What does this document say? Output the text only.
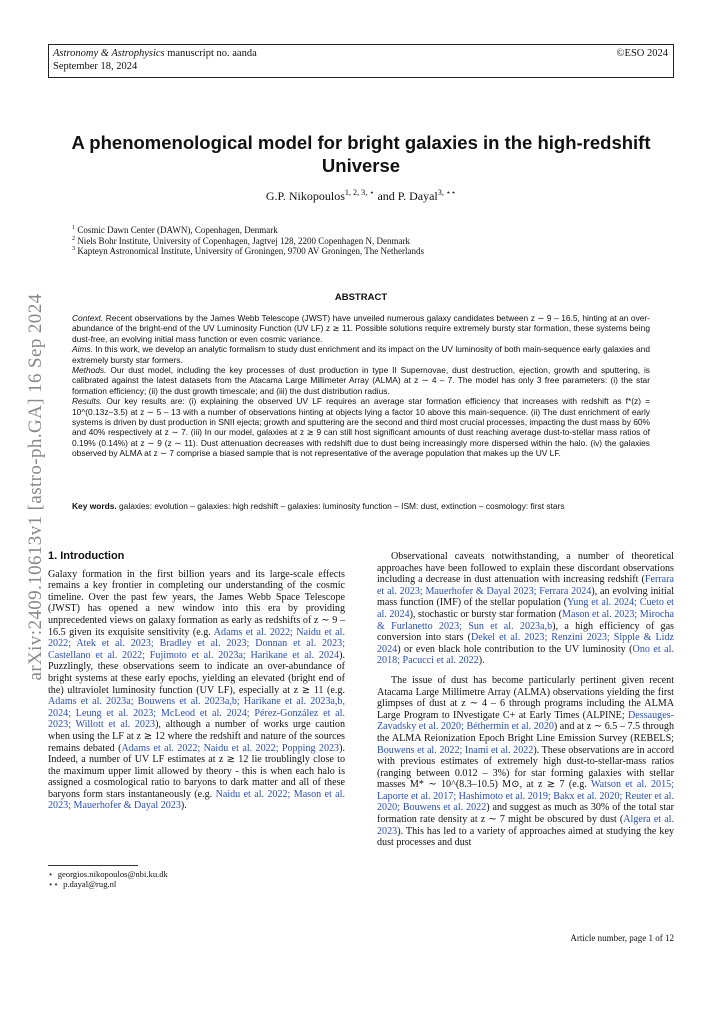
Astronomy & Astrophysics manuscript no. aanda
September 18, 2024
©ESO 2024
arXiv:2409.10613v1 [astro-ph.GA] 16 Sep 2024
A phenomenological model for bright galaxies in the high-redshift Universe
G.P. Nikopoulos$^{1, 2, 3, ⋆}$ and P. Dayal$^{3, ⋆⋆}$
$^1$ Cosmic Dawn Center (DAWN), Copenhagen, Denmark
$^2$ Niels Bohr Institute, University of Copenhagen, Jagtvej 128, 2200 Copenhagen N, Denmark
$^3$ Kapteyn Astronomical Institute, University of Groningen, 9700 AV Groningen, The Netherlands
ABSTRACT

Context. Recent observations by the James Webb Telescope (JWST) have unveiled numerous galaxy candidates between z ∼ 9 – 16.5, hinting at an over-abundance of the bright-end of the UV Luminosity Function (UV LF) z ≳ 11. Possible solutions require extremely bursty star formation, these systems being dust-free, an evolving initial mass function or even cosmic variance.

Aims. In this work, we develop an analytic formalism to study dust enrichment and its impact on the UV luminosity of both main-sequence early galaxies and extremely bursty star formers.

Methods. Our dust model, including the key processes of dust production in type II Supernovae, dust destruction, ejection, growth and sputtering, is calibrated against the latest datasets from the Atacama Large Millimeter Array (ALMA) at z ∼ 4 – 7. The model has only 3 free parameters: (i) the star formation efficiency; (ii) the dust growth timescale; and (iii) the dust distribution radius.

Results. Our key results are: (i) explaining the observed UV LF requires an average star formation efficiency that increases with redshift as f*(z) = 10^(0.13z−3.5) at z ∼ 5 – 13 with a number of observations hinting at objects lying a factor 10 above this main-sequence. (ii) The dust enrichment of early systems is driven by dust production in SNII ejecta; growth and sputtering are the second and third most crucial processes, impacting the dust mass by 60% and 40% respectively at z ∼ 7. (iii) In our model, galaxies at z ≳ 9 can still host significant amounts of dust reaching average dust-to-stellar mass ratios of 0.19% (0.14%) at z ∼ 9 (z ∼ 11). Dust attenuation decreases with redshift due to dust being increasingly more dispersed within the halo. (iv) the galaxies observed by ALMA at z ∼ 7 comprise a biased sample that is not representative of the average population that makes up the UV LF.

Key words. galaxies: evolution – galaxies: high redshift – galaxies: luminosity function – ISM: dust, extinction – cosmology: first stars
1. Introduction

Galaxy formation in the first billion years and its large-scale effects remains a key frontier in completing our understanding of the cosmic timeline. Over the past few years, the James Webb Space Telescope (JWST) has opened a new window into this era by providing unprecedented views on galaxy formation as early as redshifts of z ∼ 9 – 16.5 given its exquisite sensitivity (e.g. Adams et al. 2022; Naidu et al. 2022; Atek et al. 2023; Bradley et al. 2023; Donnan et al. 2023; Castellano et al. 2022; Fujimoto et al. 2023a; Harikane et al. 2024). Puzzlingly, these observations seem to indicate an over-abundance of bright systems at these early epochs, yielding an elevated (bright end of the) ultraviolet luminosity function (UV LF), especially at z ≳ 11 (e.g. Adams et al. 2023a; Bouwens et al. 2023a,b; Harikane et al. 2023a,b, 2024; Leung et al. 2023; McLeod et al. 2024; Pérez-González et al. 2023; Willott et al. 2023), although a number of works urge caution when using the LF at z ≳ 12 where the redshift and nature of the sources remains debated (Adams et al. 2022; Naidu et al. 2022; Popping 2023). Indeed, a number of UV LF estimates at z ≳ 12 lie troublingly close to the maximum upper limit allowed by theory - this is when each halo is assigned a cosmological ratio to baryons to dark matter and all of these baryons form stars instantaneously (e.g. Naidu et al. 2022; Mason et al. 2023; Mauerhofer & Dayal 2023).

Observational caveats notwithstanding, a number of theoretical approaches have been followed to explain these discordant observations including a decrease in dust attenuation with increasing redshift (Ferrara et al. 2023; Mauerhofer & Dayal 2023; Ferrara 2024), an evolving initial mass function (IMF) of the stellar population (Yung et al. 2024; Cueto et al. 2024), stochastic or bursty star formation (Mason et al. 2023; Mirocha & Furlanetto 2023; Sun et al. 2023a,b), a high efficiency of gas conversion into stars (Dekel et al. 2023; Renzini 2023; Sipple & Lidz 2024) or even black hole contribution to the UV luminosity (Ono et al. 2018; Pacucci et al. 2022).

The issue of dust has become particularly pertinent given recent Atacama Large Millimetre Array (ALMA) observations yielding the first glimpses of dust at z ∼ 4 – 6 through programs including the ALMA Large Program to INvestigate C+ at Early Times (ALPINE; Dessauges-Zavadsky et al. 2020; Béthermin et al. 2020) and at z ∼ 6.5 – 7.5 through the ALMA Reionization Epoch Bright Line Emission Survey (REBELS; Bouwens et al. 2022; Inami et al. 2022). These observations are in accord with previous estimates of extremely high dust-to-stellar-mass ratios (ranging between 0.012 – 3%) for star forming galaxies with stellar masses M* ∼ 10^(8.3–10.5) M⊙, at z ≳ 7 (e.g. Watson et al. 2015; Laporte et al. 2017; Hashimoto et al. 2019; Bakx et al. 2020; Reuter et al. 2020; Bouwens et al. 2022) and suggest as much as 30% of the total star formation rate density at z ∼ 7 might be obscured by dust (Algera et al. 2023). This has led to a variety of approaches aimed at studying the key dust processes and dust

⋆ georgios.nikopoulos@nbi.ku.dk
⋆⋆ p.dayal@rug.nl
Article number, page 1 of 12
